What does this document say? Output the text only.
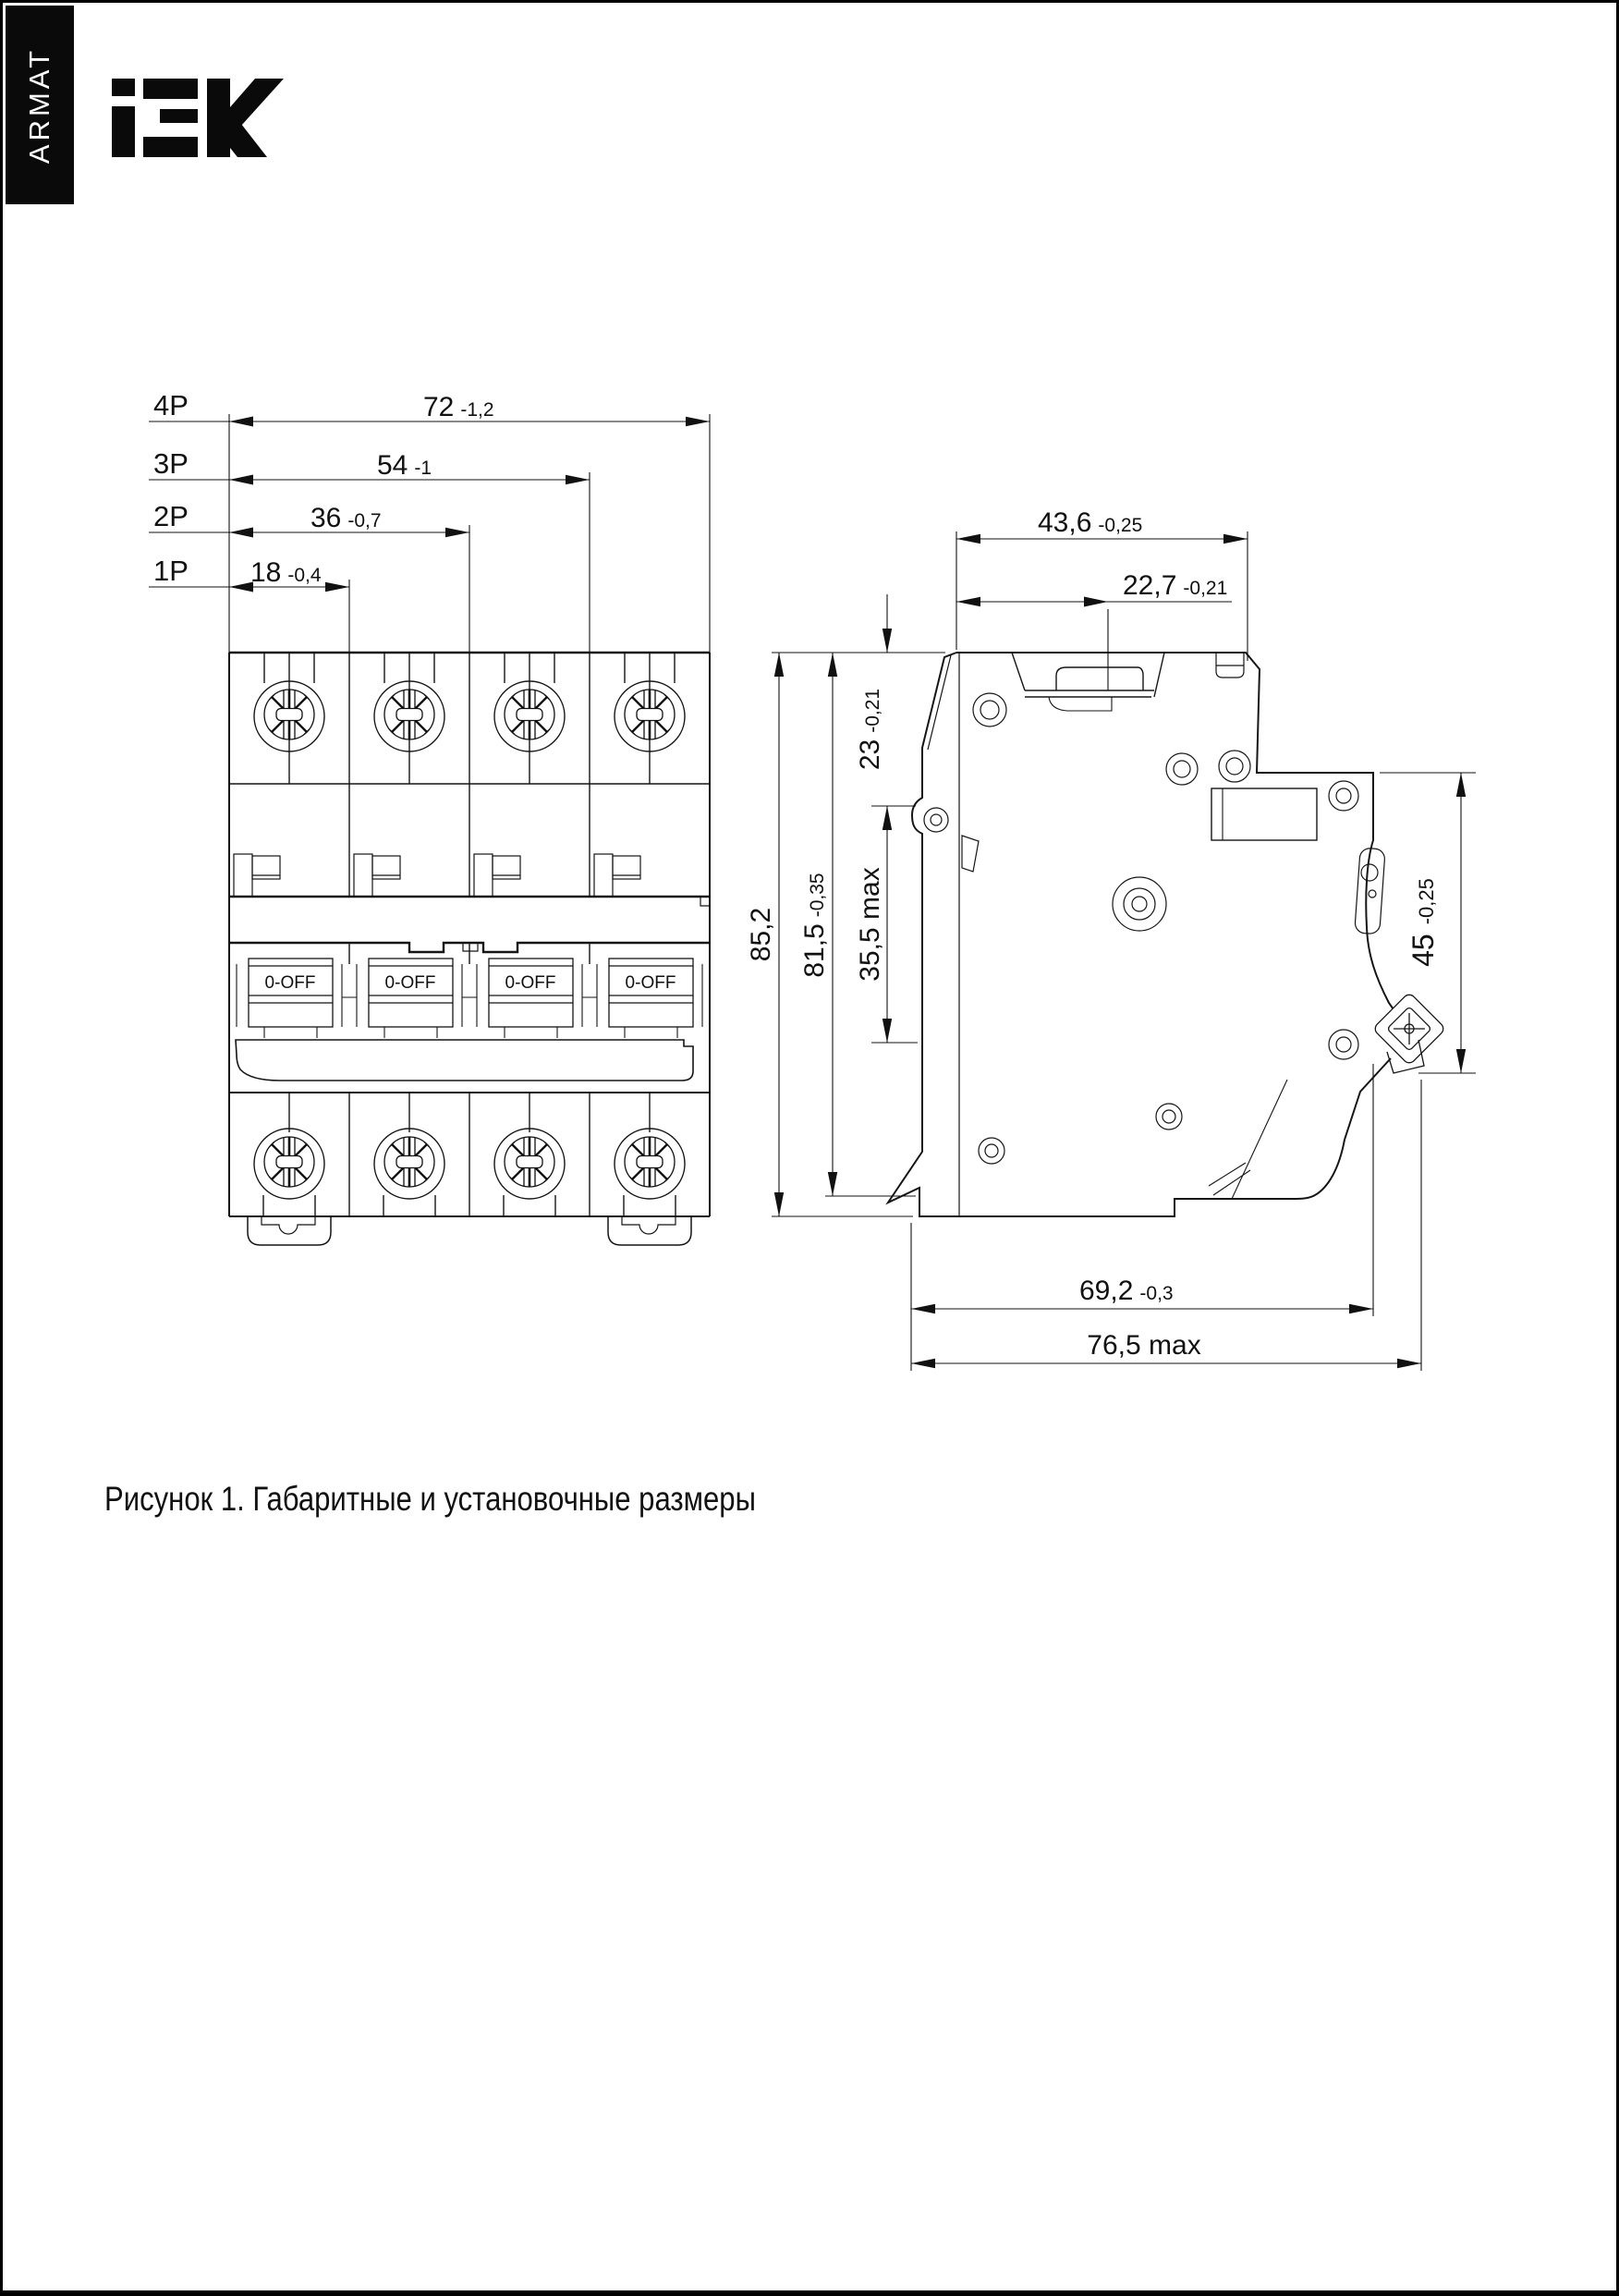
ARMAT
0-OFF	0-OFF	0-OFF	0-OFF
4P
3P
2P
1P
72 -1,2
54 -1
36 -0,7
18 -0,4
43,6 -0,25
22,7 -0,21
23-0,21
35,5 max
85,2 81,5-0,35
45-0,25
69,2 -0,3
76,5 max
Рисунок 1. Габаритные и установочные размеры
